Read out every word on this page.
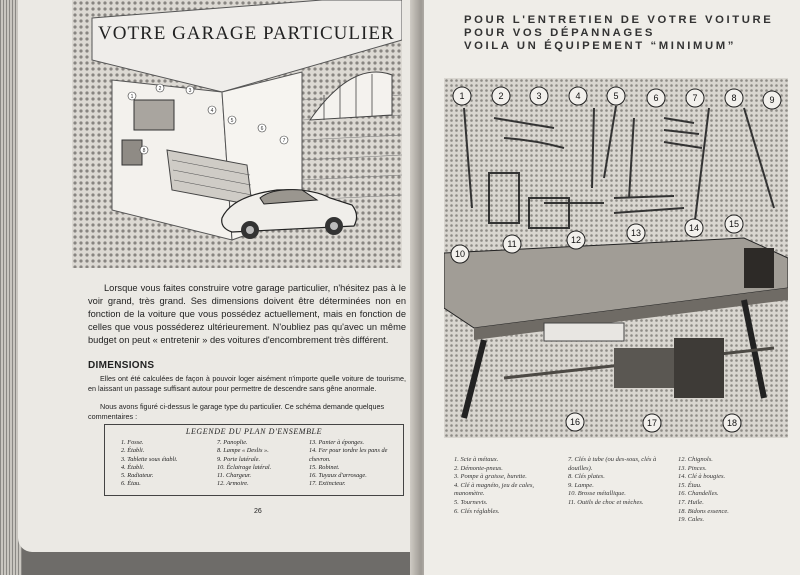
1
2	3
4
5
6
7
8
VOTRE GARAGE PARTICULIER

Lorsque vous faites construire votre garage particulier, n'hésitez pas à le voir grand, très grand. Ses dimensions doivent être déterminées non en fonction de la voiture que vous possédez actuellement, mais en fonction de celles que vous posséderez ultérieurement. N'oubliez pas qu'avec un même budget on peut « entretenir » des voitures d'encombrement très différent.

DIMENSIONS

Elles ont été calculées de façon à pouvoir loger aisément n'importe quelle voiture de tourisme, en laissant un passage suffisant autour pour permettre de descendre sans gêne anormale.

Nous avons figuré ci-dessus le garage type du particulier. Ce schéma demande quelques commentaires :

LEGENDE DU PLAN D'ENSEMBLE
1. Fosse.
2. Établi.
3. Tablette sous établi.
4. Établi.
5. Radiateur.
6. Étau.
7. Panoplie.
8. Lampe « Deslis ».
9. Porte latérale.
10. Éclairage latéral.
11. Chargeur.
12. Armoire.
13. Panier à éponges.
14. Fer pour tordre les pans de chevron.
15. Robinet.
16. Tuyaux d'arrosage.
17. Extincteur.
26
POUR L'ENTRETIEN DE VOTRE VOITURE
POUR VOS DÉPANNAGES
VOILA UN ÉQUIPEMENT “MINIMUM”
1	2	3	4	5	6	7	8	9
10
11	12
13	14	15
16	17	18
1. Scie à métaux.
2. Démonte-pneus.
3. Pompe à graisse, burette.
4. Clé à magnéto, jeu de cales, manomètre.
5. Tournevis.
6. Clés réglables.
7. Clés à tube (ou des-sous, clés à douilles).
8. Clés plates.
9. Lampe.
10. Brosse métallique.
11. Outils de choc et mèches.
12. Chignols.
13. Pinces.
14. Clé à bougies.
15. Étau.
16. Chandelles.
17. Huile.
18. Bidons essence.
19. Cales.
